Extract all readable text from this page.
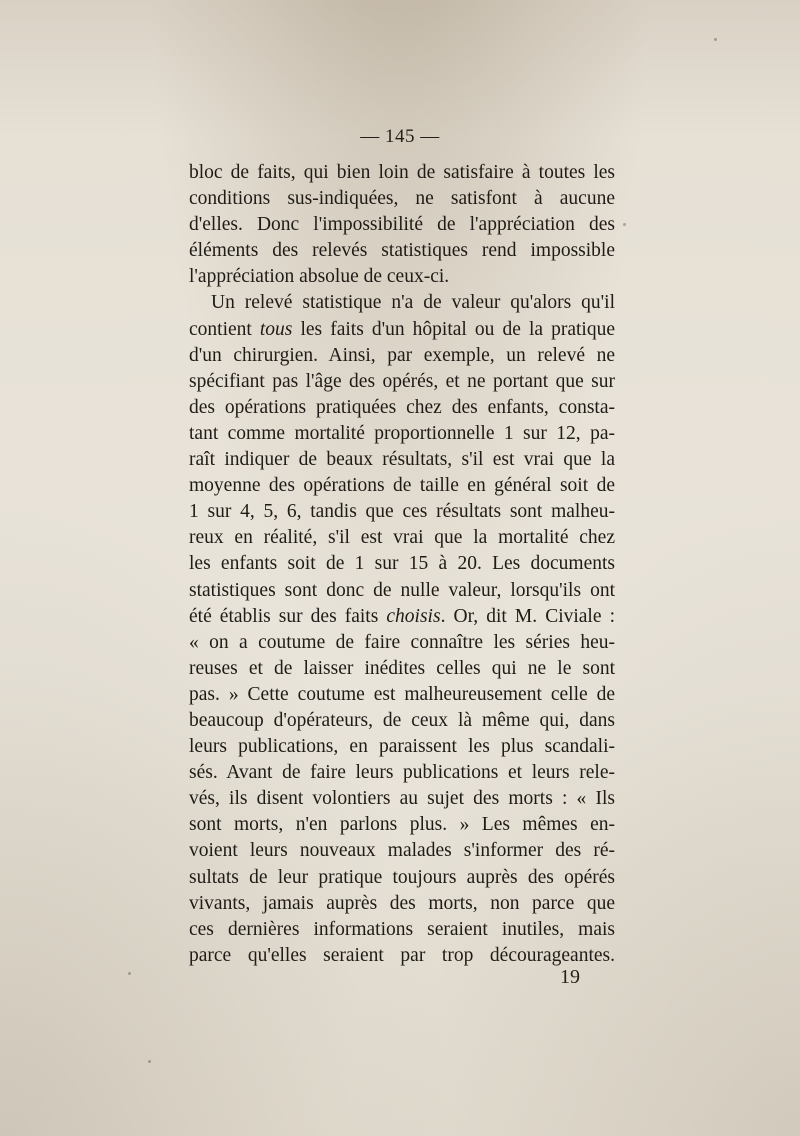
— 145 —
bloc de faits, qui bien loin de satisfaire à toutes les
conditions sus-indiquées, ne satisfont à aucune
d'elles. Donc l'impossibilité de l'appréciation des
éléments des relevés statistiques rend impossible
l'appréciation absolue de ceux-ci.
Un relevé statistique n'a de valeur qu'alors qu'il
contient tous les faits d'un hôpital ou de la pratique
d'un chirurgien. Ainsi, par exemple, un relevé ne
spécifiant pas l'âge des opérés, et ne portant que sur
des opérations pratiquées chez des enfants, consta-
tant comme mortalité proportionnelle 1 sur 12, pa-
raît indiquer de beaux résultats, s'il est vrai que la
moyenne des opérations de taille en général soit de
1 sur 4, 5, 6, tandis que ces résultats sont malheu-
reux en réalité, s'il est vrai que la mortalité chez
les enfants soit de 1 sur 15 à 20. Les documents
statistiques sont donc de nulle valeur, lorsqu'ils ont
été établis sur des faits choisis. Or, dit M. Civiale :
« on a coutume de faire connaître les séries heu-
reuses et de laisser inédites celles qui ne le sont
pas. » Cette coutume est malheureusement celle de
beaucoup d'opérateurs, de ceux là même qui, dans
leurs publications, en paraissent les plus scandali-
sés. Avant de faire leurs publications et leurs rele-
vés, ils disent volontiers au sujet des morts : « Ils
sont morts, n'en parlons plus. » Les mêmes en-
voient leurs nouveaux malades s'informer des ré-
sultats de leur pratique toujours auprès des opérés
vivants, jamais auprès des morts, non parce que
ces dernières informations seraient inutiles, mais
parce qu'elles seraient par trop décourageantes.
19
